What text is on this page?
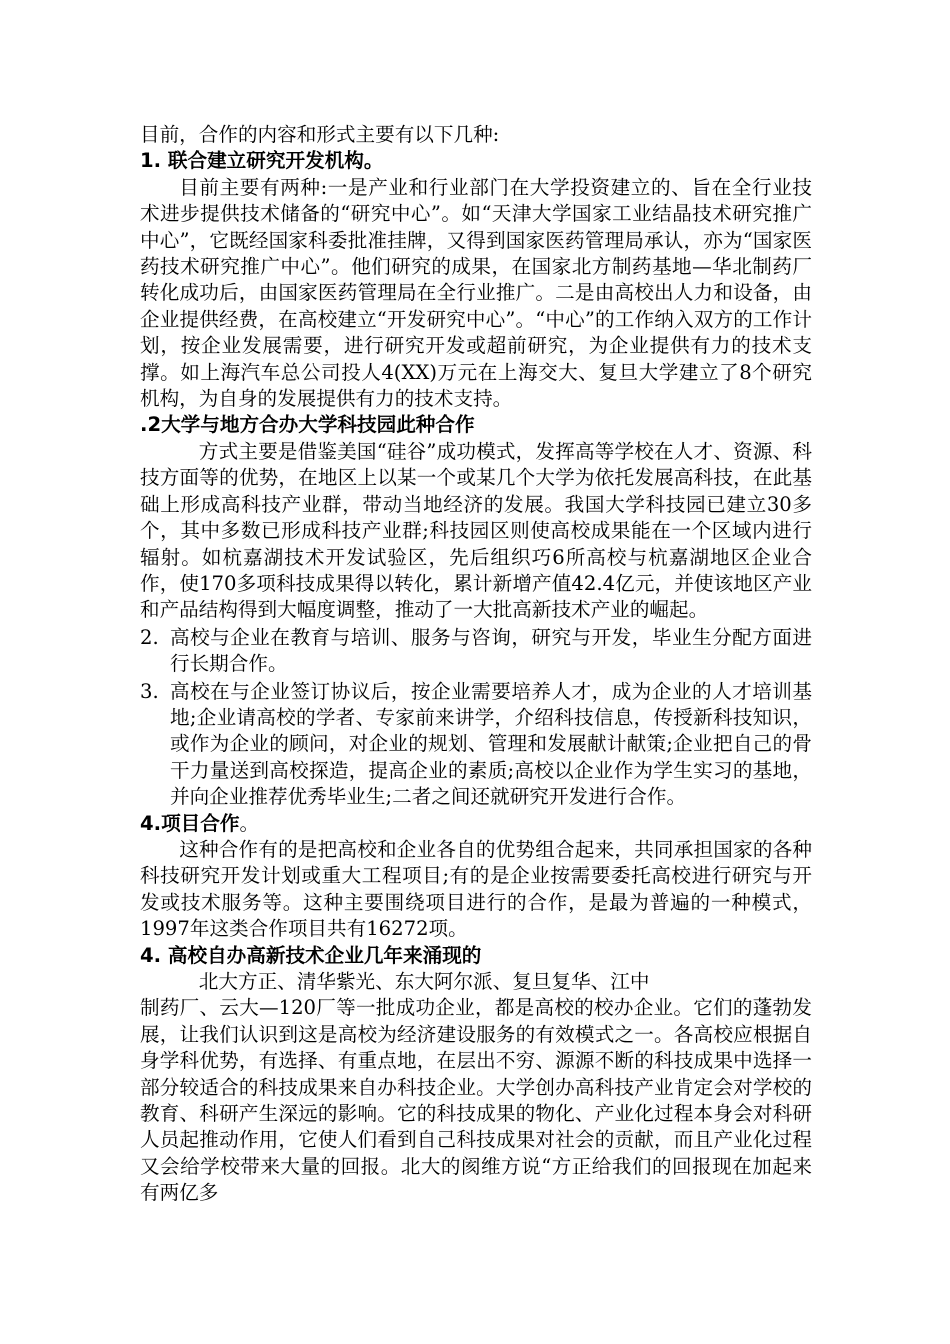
目前，合作的内容和形式主要有以下几种:

1. 联合建立研究开发机构。

目前主要有两种:一是产业和行业部门在大学投资建立的、旨在全行业技术进步提供技术储备的“研究中心”。如“天津大学国家工业结晶技术研究推广中心”，它既经国家科委批准挂牌，又得到国家医药管理局承认，亦为“国家医药技术研究推广中心”。他们研究的成果，在国家北方制药基地—华北制药厂转化成功后，由国家医药管理局在全行业推广。二是由高校出人力和设备，由企业提供经费，在高校建立“开发研究中心”。“中心”的工作纳入双方的工作计划，按企业发展需要，进行研究开发或超前研究，为企业提供有力的技术支撑。如上海汽车总公司投人4(XX)万元在上海交大、复旦大学建立了8个研究机构，为自身的发展提供有力的技术支持。

.2大学与地方合办大学科技园此种合作

方式主要是借鉴美国“硅谷”成功模式，发挥高等学校在人才、资源、科技方面等的优势，在地区上以某一个或某几个大学为依托发展高科技，在此基础上形成高科技产业群，带动当地经济的发展。我国大学科技园已建立30多个，其中多数已形成科技产业群;科技园区则使高校成果能在一个区域内进行辐射。如杭嘉湖技术开发试验区，先后组织巧6所高校与杭嘉湖地区企业合作，使170多项科技成果得以转化，累计新增产值42.4亿元，并使该地区产业和产品结构得到大幅度调整，推动了一大批高新技术产业的崛起。

2. 高校与企业在教育与培训、服务与咨询，研究与开发，毕业生分配方面进行长期合作。
3. 高校在与企业签订协议后，按企业需要培养人才，成为企业的人才培训基地;企业请高校的学者、专家前来讲学，介绍科技信息，传授新科技知识，或作为企业的顾问，对企业的规划、管理和发展献计献策;企业把自己的骨干力量送到高校探造，提高企业的素质;高校以企业作为学生实习的基地，并向企业推荐优秀毕业生;二者之间还就研究开发进行合作。

4.项目合作。

这种合作有的是把高校和企业各自的优势组合起来，共同承担国家的各种科技研究开发计划或重大工程项目;有的是企业按需要委托高校进行研究与开发或技术服务等。这种主要围绕项目进行的合作，是最为普遍的一种模式，1997年这类合作项目共有16272项。

4. 高校自办高新技术企业几年来涌现的

北大方正、清华紫光、东大阿尔派、复旦复华、江中

制药厂、云大—120厂等一批成功企业，都是高校的校办企业。它们的蓬勃发展，让我们认识到这是高校为经济建设服务的有效模式之一。各高校应根据自身学科优势，有选择、有重点地，在层出不穷、源源不断的科技成果中选择一部分较适合的科技成果来自办科技企业。大学创办高科技产业肯定会对学校的教育、科研产生深远的影响。它的科技成果的物化、产业化过程本身会对科研人员起推动作用，它使人们看到自己科技成果对社会的贡献，而且产业化过程又会给学校带来大量的回报。北大的阂维方说“方正给我们的回报现在加起来有两亿多
